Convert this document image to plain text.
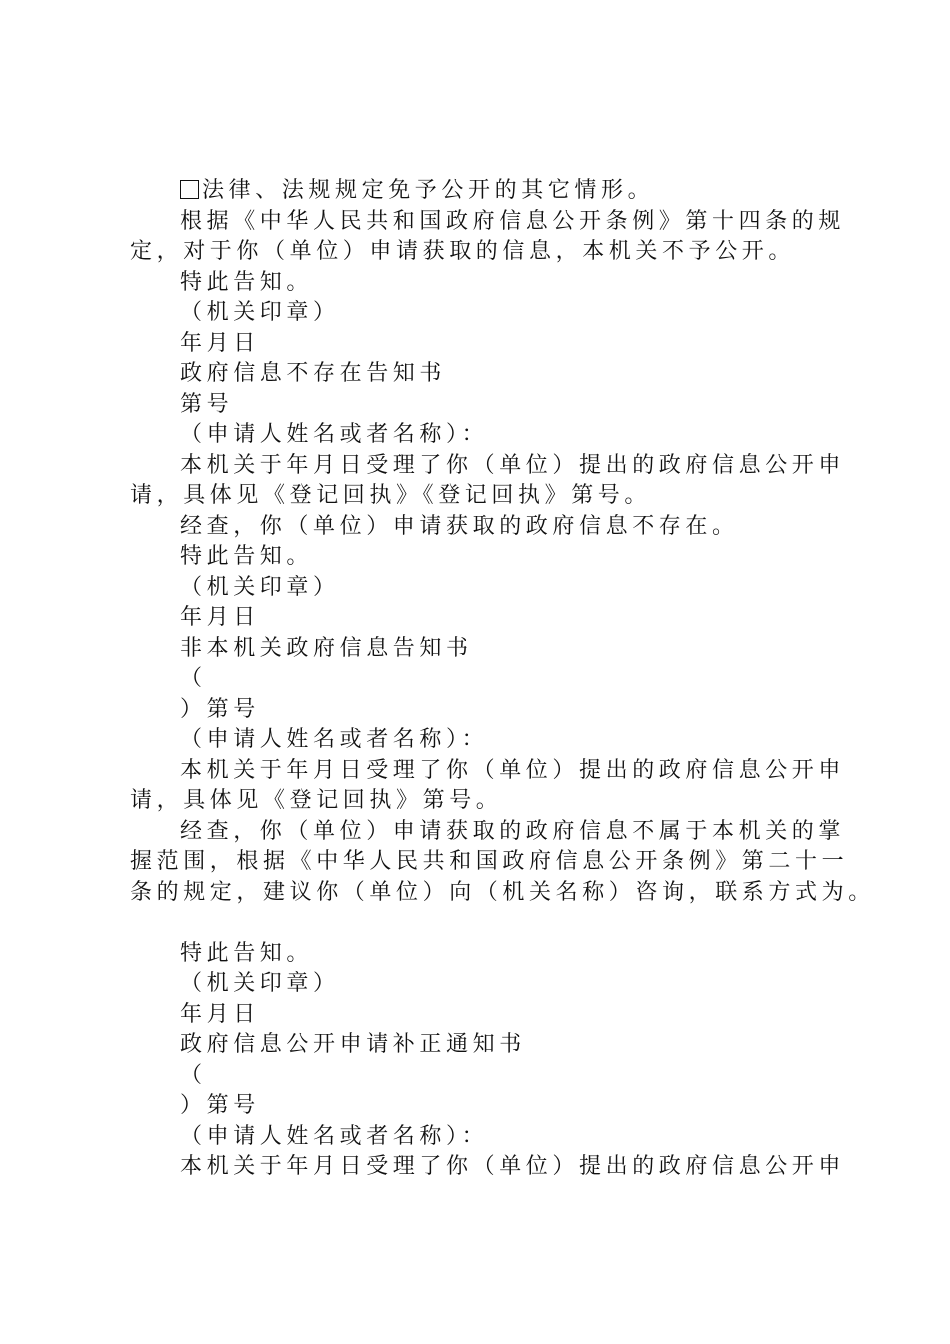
法律、法规规定免予公开的其它情形。
根据《中华人民共和国政府信息公开条例》第十四条的规
定，对于你（单位）申请获取的信息，本机关不予公开。
特此告知。
（机关印章）
年月日
政府信息不存在告知书
第号
（申请人姓名或者名称）：
本机关于年月日受理了你（单位）提出的政府信息公开申
请，具体见《登记回执》《登记回执》第号。
经查，你（单位）申请获取的政府信息不存在。
特此告知。
（机关印章）
年月日
非本机关政府信息告知书
（
）第号
（申请人姓名或者名称）：
本机关于年月日受理了你（单位）提出的政府信息公开申
请，具体见《登记回执》第号。
经查，你（单位）申请获取的政府信息不属于本机关的掌
握范围，根据《中华人民共和国政府信息公开条例》第二十一
条的规定，建议你（单位）向（机关名称）咨询，联系方式为。
特此告知。
（机关印章）
年月日
政府信息公开申请补正通知书
（
）第号
（申请人姓名或者名称）：
本机关于年月日受理了你（单位）提出的政府信息公开申
